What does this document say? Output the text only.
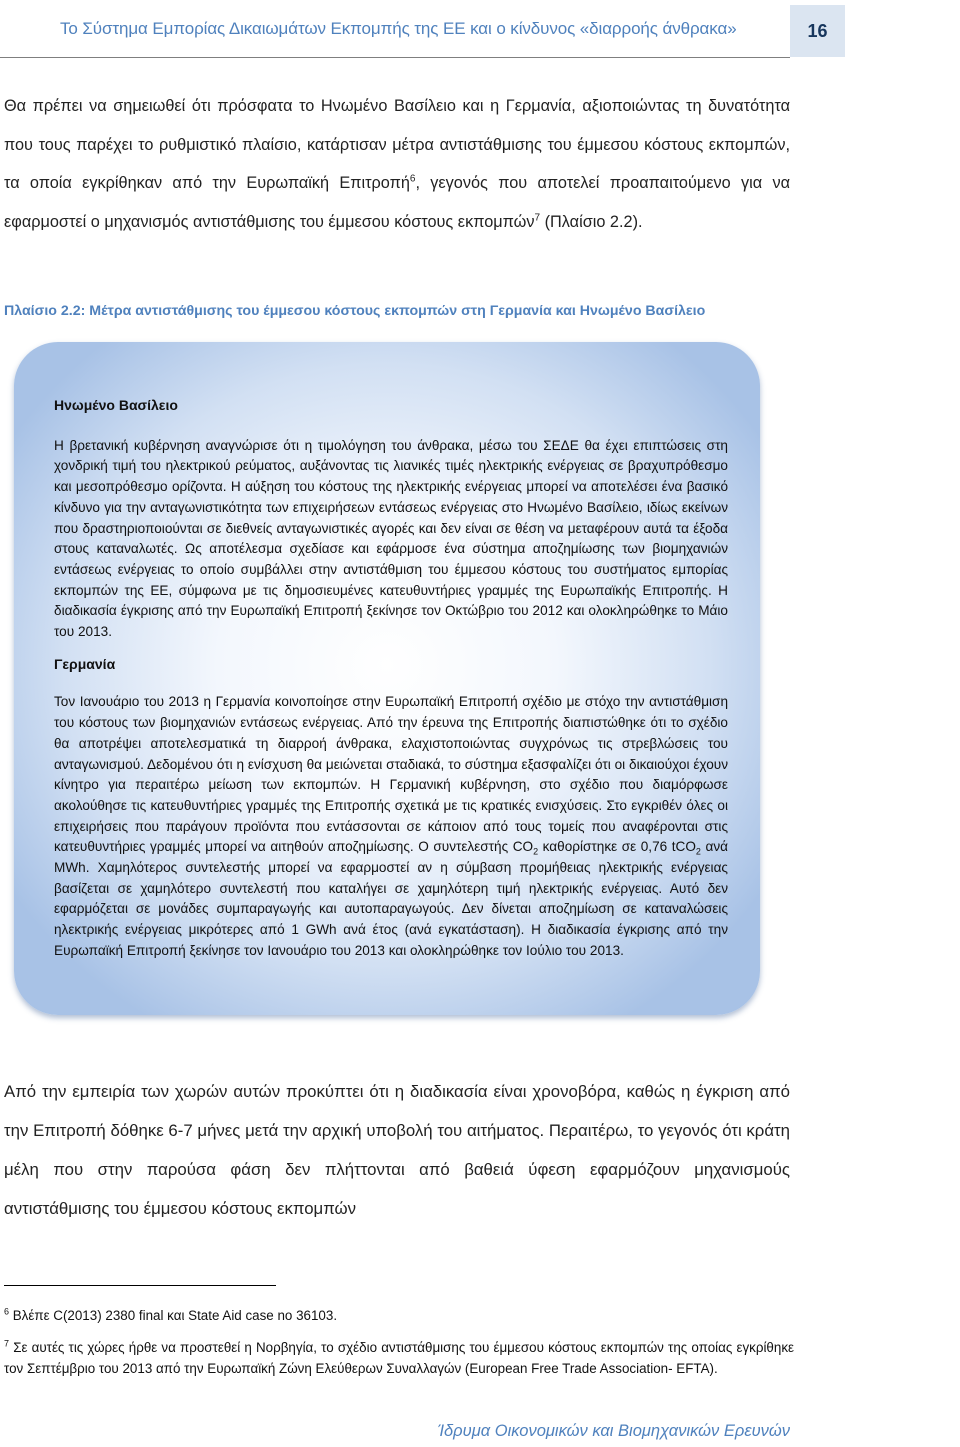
Το Σύστημα Εμπορίας Δικαιωμάτων Εκπομπής της ΕΕ και ο κίνδυνος «διαρροής άνθρακα»	16
Θα πρέπει να σημειωθεί ότι πρόσφατα το Ηνωμένο Βασίλειο και η Γερμανία, αξιοποιώντας τη δυνατότητα που τους παρέχει το ρυθμιστικό πλαίσιο, κατάρτισαν μέτρα αντιστάθμισης του έμμεσου κόστους εκπομπών, τα οποία εγκρίθηκαν από την Ευρωπαϊκή Επιτροπή$^6$, γεγονός που αποτελεί προαπαιτούμενο για να εφαρμοστεί ο μηχανισμός αντιστάθμισης του έμμεσου κόστους εκπομπών$^7$ (Πλαίσιο 2.2).
Πλαίσιο 2.2: Μέτρα αντιστάθμισης του έμμεσου κόστους εκπομπών στη Γερμανία και Ηνωμένο Βασίλειο
Ηνωμένο Βασίλειο

Η βρετανική κυβέρνηση αναγνώρισε ότι η τιμολόγηση του άνθρακα, μέσω του ΣΕΔΕ θα έχει επιπτώσεις στη χονδρική τιμή του ηλεκτρικού ρεύματος, αυξάνοντας τις λιανικές τιμές ηλεκτρικής ενέργειας σε βραχυπρόθεσμο και μεσοπρόθεσμο ορίζοντα. Η αύξηση του κόστους της ηλεκτρικής ενέργειας μπορεί να αποτελέσει ένα βασικό κίνδυνο για την ανταγωνιστικότητα των επιχειρήσεων εντάσεως ενέργειας στο Ηνωμένο Βασίλειο, ιδίως εκείνων που δραστηριοποιούνται σε διεθνείς ανταγωνιστικές αγορές και δεν είναι σε θέση να μεταφέρουν αυτά τα έξοδα στους καταναλωτές. Ως αποτέλεσμα σχεδίασε και εφάρμοσε ένα σύστημα αποζημίωσης των βιομηχανιών εντάσεως ενέργειας το οποίο συμβάλλει στην αντιστάθμιση του έμμεσου κόστους του συστήματος εμπορίας εκπομπών της ΕΕ, σύμφωνα με τις δημοσιευμένες κατευθυντήριες γραμμές της Ευρωπαϊκής Επιτροπής. Η διαδικασία έγκρισης από την Ευρωπαϊκή Επιτροπή ξεκίνησε τον Οκτώβριο του 2012 και ολοκληρώθηκε το Μάιο του 2013.

Γερμανία

Τον Ιανουάριο του 2013 η Γερμανία κοινοποίησε στην Ευρωπαϊκή Επιτροπή σχέδιο με στόχο την αντιστάθμιση του κόστους των βιομηχανιών εντάσεως ενέργειας. Από την έρευνα της Επιτροπής διαπιστώθηκε ότι το σχέδιο θα αποτρέψει αποτελεσματικά τη διαρροή άνθρακα, ελαχιστοποιώντας συγχρόνως τις στρεβλώσεις του ανταγωνισμού. Δεδομένου ότι η ενίσχυση θα μειώνεται σταδιακά, το σύστημα εξασφαλίζει ότι οι δικαιούχοι έχουν κίνητρο για περαιτέρω μείωση των εκπομπών. Η Γερμανική κυβέρνηση, στο σχέδιο που διαμόρφωσε ακολούθησε τις κατευθυντήριες γραμμές της Επιτροπής σχετικά με τις κρατικές ενισχύσεις. Στο εγκριθέν όλες οι επιχειρήσεις που παράγουν προϊόντα που εντάσσονται σε κάποιον από τους τομείς που αναφέρονται στις κατευθυντήριες γραμμές μπορεί να αιτηθούν αποζημίωσης. Ο συντελεστής $CO_2$ καθορίστηκε σε 0,76 tCO$_2$ ανά MWh. Χαμηλότερος συντελεστής μπορεί να εφαρμοστεί αν η σύμβαση προμήθειας ηλεκτρικής ενέργειας βασίζεται σε χαμηλότερο συντελεστή που καταλήγει σε χαμηλότερη τιμή ηλεκτρικής ενέργειας. Αυτό δεν εφαρμόζεται σε μονάδες συμπαραγωγής και αυτοπαραγωγούς. Δεν δίνεται αποζημίωση σε καταναλώσεις ηλεκτρικής ενέργειας μικρότερες από 1 GWh ανά έτος (ανά εγκατάσταση). Η διαδικασία έγκρισης από την Ευρωπαϊκή Επιτροπή ξεκίνησε τον Ιανουάριο του 2013 και ολοκληρώθηκε τον Ιούλιο του 2013.

Από την εμπειρία των χωρών αυτών προκύπτει ότι η διαδικασία είναι χρονοβόρα, καθώς η έγκριση από την Επιτροπή δόθηκε 6-7 μήνες μετά την αρχική υποβολή του αιτήματος. Περαιτέρω, το γεγονός ότι κράτη μέλη που στην παρούσα φάση δεν πλήττονται από βαθειά ύφεση εφαρμόζουν μηχανισμούς αντιστάθμισης του έμμεσου κόστους εκπομπών
$^6$ Βλέπε C(2013) 2380 final και State Aid case no 36103.
$^7$ Σε αυτές τις χώρες ήρθε να προστεθεί η Νορβηγία, το σχέδιο αντιστάθμισης του έμμεσου κόστους εκπομπών της οποίας εγκρίθηκε τον Σεπτέμβριο του 2013 από την Ευρωπαϊκή Ζώνη Ελεύθερων Συναλλαγών (European Free Trade Association- EFTA).
Ίδρυμα Οικονομικών και Βιομηχανικών Ερευνών
